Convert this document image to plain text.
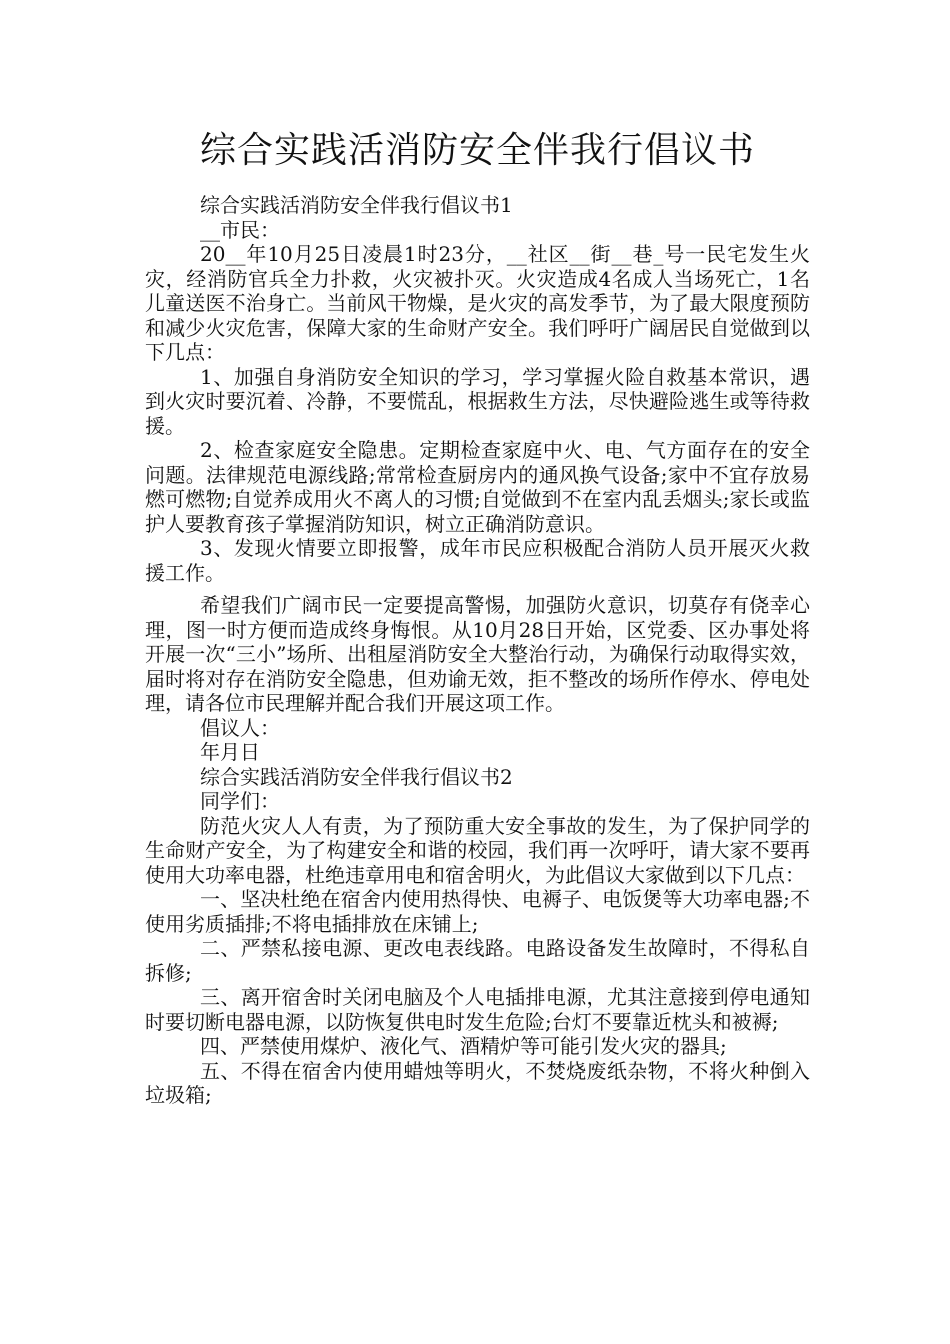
综合实践活消防安全伴我行倡议书

综合实践活消防安全伴我行倡议书1

__市民：

20__年10月25日凌晨1时23分，__社区__街__巷_号一民宅发生火灾，经消防官兵全力扑救，火灾被扑灭。火灾造成4名成人当场死亡，1名儿童送医不治身亡。当前风干物燥，是火灾的高发季节，为了最大限度预防和减少火灾危害，保障大家的生命财产安全。我们呼吁广阔居民自觉做到以下几点：

1、加强自身消防安全知识的学习，学习掌握火险自救基本常识，遇到火灾时要沉着、冷静，不要慌乱，根据救生方法，尽快避险逃生或等待救援。

2、检查家庭安全隐患。定期检查家庭中火、电、气方面存在的安全问题。法律规范电源线路;常常检查厨房内的通风换气设备;家中不宜存放易燃可燃物;自觉养成用火不离人的习惯;自觉做到不在室内乱丢烟头;家长或监护人要教育孩子掌握消防知识，树立正确消防意识。

3、发现火情要立即报警，成年市民应积极配合消防人员开展灭火救援工作。

希望我们广阔市民一定要提高警惕，加强防火意识，切莫存有侥幸心理，图一时方便而造成终身悔恨。从10月28日开始，区党委、区办事处将开展一次“三小”场所、出租屋消防安全大整治行动，为确保行动取得实效，届时将对存在消防安全隐患，但劝谕无效，拒不整改的场所作停水、停电处理，请各位市民理解并配合我们开展这项工作。

倡议人：

年月日

综合实践活消防安全伴我行倡议书2

同学们：

防范火灾人人有责，为了预防重大安全事故的发生，为了保护同学的生命财产安全，为了构建安全和谐的校园，我们再一次呼吁，请大家不要再使用大功率电器，杜绝违章用电和宿舍明火，为此倡议大家做到以下几点：

一、坚决杜绝在宿舍内使用热得快、电褥子、电饭煲等大功率电器;不使用劣质插排;不将电插排放在床铺上;

二、严禁私接电源、更改电表线路。电路设备发生故障时，不得私自拆修;

三、离开宿舍时关闭电脑及个人电插排电源，尤其注意接到停电通知时要切断电器电源，以防恢复供电时发生危险;台灯不要靠近枕头和被褥;

四、严禁使用煤炉、液化气、酒精炉等可能引发火灾的器具;

五、不得在宿舍内使用蜡烛等明火，不焚烧废纸杂物，不将火种倒入垃圾箱;
